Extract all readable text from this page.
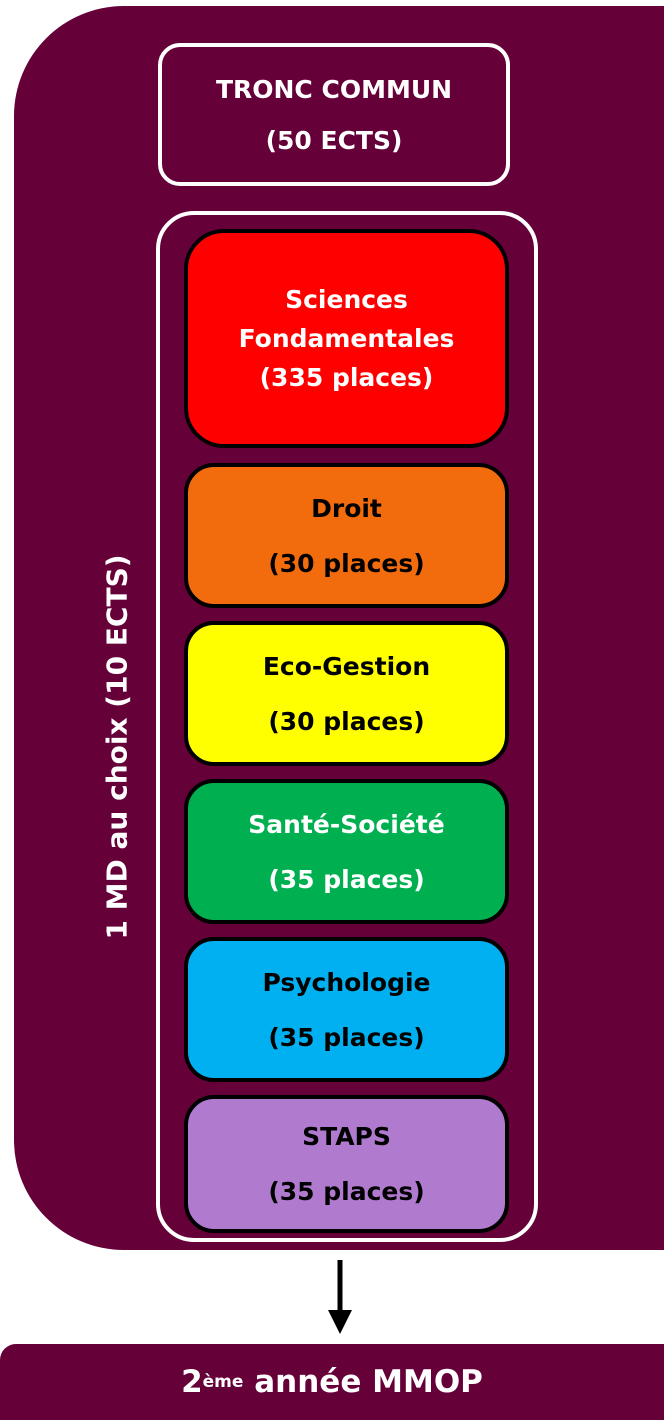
TRONC COMMUN
(50 ECTS)
1 MD au choix (10 ECTS)
Sciences
Fondamentales
(335 places)
Droit
(30 places)
Eco-Gestion
(30 places)
Santé-Société
(35 places)
Psychologie
(35 places)
STAPS
(35 places)
2 ème
année MMOP
